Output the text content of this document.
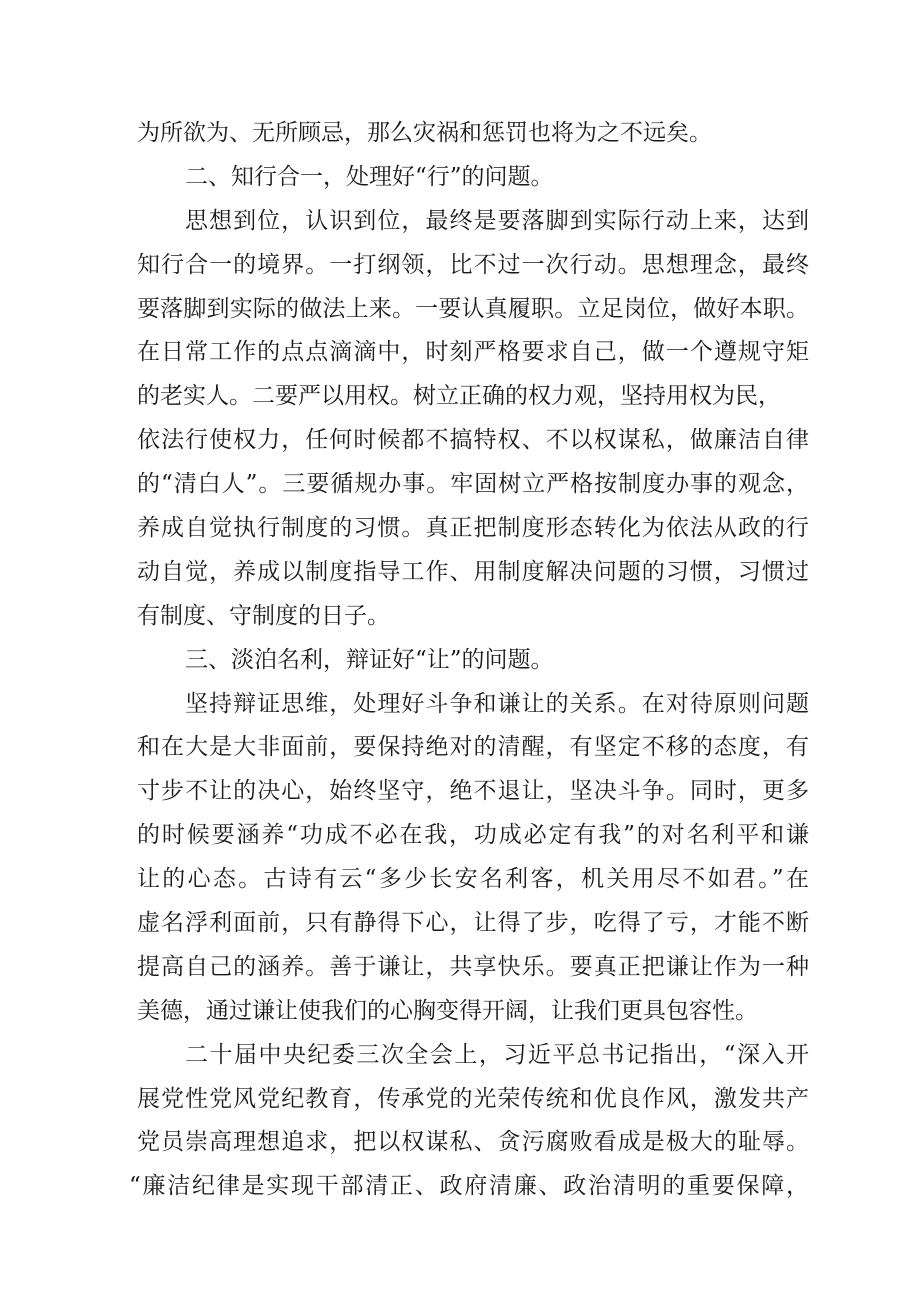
为所欲为、无所顾忌，那么灾祸和惩罚也将为之不远矣。
二、知行合一，处理好“行”的问题。
思想到位，认识到位，最终是要落脚到实际行动上来，达到
知行合一的境界。一打纲领，比不过一次行动。思想理念，最终
要落脚到实际的做法上来。一要认真履职。立足岗位，做好本职。
在日常工作的点点滴滴中，时刻严格要求自己，做一个遵规守矩
的老实人。二要严以用权。树立正确的权力观，坚持用权为民，
依法行使权力，任何时候都不搞特权、不以权谋私，做廉洁自律
的“清白人”。三要循规办事。牢固树立严格按制度办事的观念，
养成自觉执行制度的习惯。真正把制度形态转化为依法从政的行
动自觉，养成以制度指导工作、用制度解决问题的习惯，习惯过
有制度、守制度的日子。
三、淡泊名利，辩证好“让”的问题。
坚持辩证思维，处理好斗争和谦让的关系。在对待原则问题
和在大是大非面前，要保持绝对的清醒，有坚定不移的态度，有
寸步不让的决心，始终坚守，绝不退让，坚决斗争。同时，更多
的时候要涵养“功成不必在我，功成必定有我”的对名利平和谦
让的心态。古诗有云“多少长安名利客，机关用尽不如君。”在
虚名浮利面前，只有静得下心，让得了步，吃得了亏，才能不断
提高自己的涵养。善于谦让，共享快乐。要真正把谦让作为一种
美德，通过谦让使我们的心胸变得开阔，让我们更具包容性。
二十届中央纪委三次全会上，习近平总书记指出，“深入开
展党性党风党纪教育，传承党的光荣传统和优良作风，激发共产
党员崇高理想追求，把以权谋私、贪污腐败看成是极大的耻辱。
“廉洁纪律是实现干部清正、政府清廉、政治清明的重要保障，
